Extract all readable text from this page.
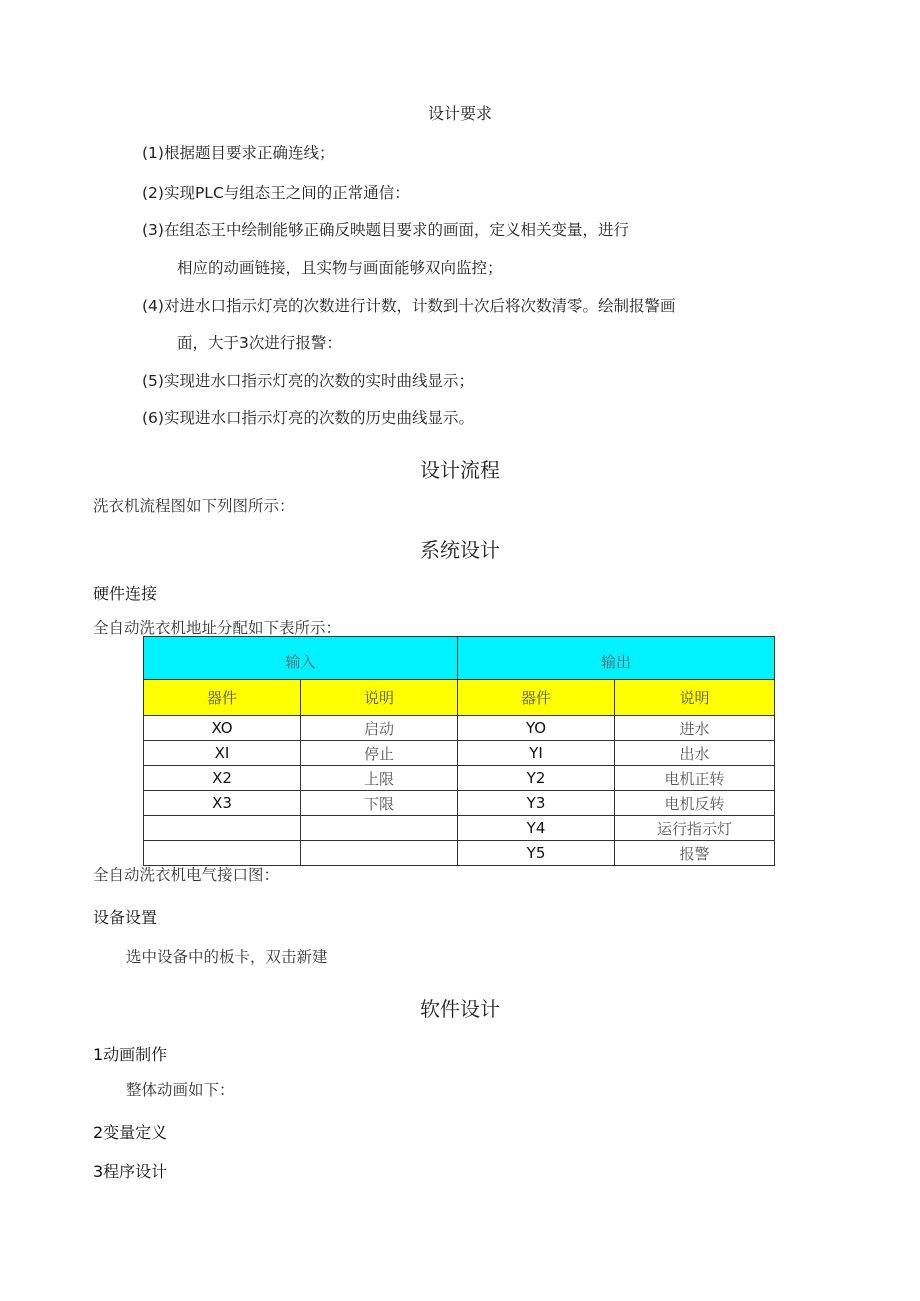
设计要求
(1)根据题目要求正确连线；
(2)实现PLC与组态王之间的正常通信：
(3)在组态王中绘制能够正确反映题目要求的画面，定义相关变量，进行
相应的动画链接，且实物与画面能够双向监控；
(4)对进水口指示灯亮的次数进行计数，计数到十次后将次数清零。绘制报警画
面，大于3次进行报警：
(5)实现进水口指示灯亮的次数的实时曲线显示；
(6)实现进水口指示灯亮的次数的历史曲线显示。
设计流程
洗衣机流程图如下列图所示：
系统设计
硬件连接
全自动洗衣机地址分配如下表所示：
输入		输出	
器件	说明	器件	说明
XO	启动	YO	进水
XI	停止	YI	出水
X2	上限	Y2	电机正转
X3	下限	Y3	电机反转
		Y4	运行指示灯
		Y5	报警
全自动洗衣机电气接口图：
设备设置
选中设备中的板卡，双击新建
软件设计
1动画制作
整体动画如下：
2变量定义
3程序设计
